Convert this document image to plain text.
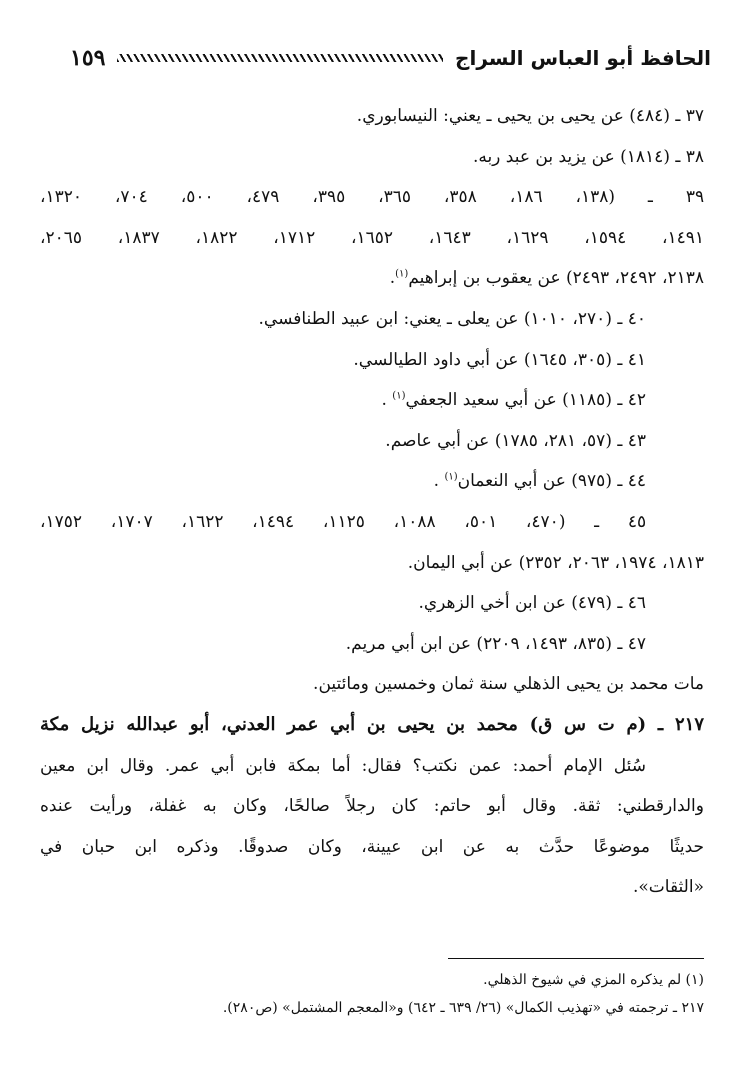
الحافظ أبو العباس السراج
١٥٩
٣٧ ـ (٤٨٤) عن يحيى بن يحيى ـ يعني: النيسابوري.
٣٨ ـ (١٨١٤) عن يزيد بن عبد ربه.
٣٩ ـ (١٣٨، ١٨٦، ٣٥٨، ٣٦٥، ٣٩٥، ٤٧٩، ٥٠٠، ٧٠٤، ١٣٢٠،
١٤٩١، ١٥٩٤، ١٦٢٩، ١٦٤٣، ١٦٥٢، ١٧١٢، ١٨٢٢، ١٨٣٧، ٢٠٦٥،
٢١٣٨، ٢٤٩٢، ٢٤٩٣) عن يعقوب بن إبراهيم$^{(١)}$.
٤٠ ـ (٢٧٠، ١٠١٠) عن يعلى ـ يعني: ابن عبيد الطنافسي.
٤١ ـ (٣٠٥، ١٦٤٥) عن أبي داود الطيالسي.
٤٢ ـ (١١٨٥) عن أبي سعيد الجعفي$^{(١)}$ .
٤٣ ـ (٥٧، ٢٨١، ١٧٨٥) عن أبي عاصم.
٤٤ ـ (٩٧٥) عن أبي النعمان$^{(١)}$ .
٤٥ ـ (٤٧٠، ٥٠١، ١٠٨٨، ١١٢٥، ١٤٩٤، ١٦٢٢، ١٧٠٧، ١٧٥٢،
١٨١٣، ١٩٧٤، ٢٠٦٣، ٢٣٥٢) عن أبي اليمان.
٤٦ ـ (٤٧٩) عن ابن أخي الزهري.
٤٧ ـ (٨٣٥، ١٤٩٣، ٢٢٠٩) عن ابن أبي مريم.
مات محمد بن يحيى الذهلي سنة ثمان وخمسين ومائتين.
٢١٧ ـ (م ت س ق) محمد بن يحيى بن أبي عمر العدني، أبو عبدالله نزيل مكة
سُئل الإمام أحمد: عمن نكتب؟ فقال: أما بمكة فابن أبي عمر. وقال ابن معين
والدارقطني: ثقة. وقال أبو حاتم: كان رجلاً صالحًا، وكان به غفلة، ورأيت عنده
حديثًا موضوعًا حدَّث به عن ابن عيينة، وكان صدوقًا. وذكره ابن حبان في
«الثقات».
(١) لم يذكره المزي في شيوخ الذهلي.
٢١٧ ـ ترجمته في «تهذيب الكمال» (٢٦/ ٦٣٩ ـ ٦٤٢) و«المعجم المشتمل» (ص٢٨٠).
